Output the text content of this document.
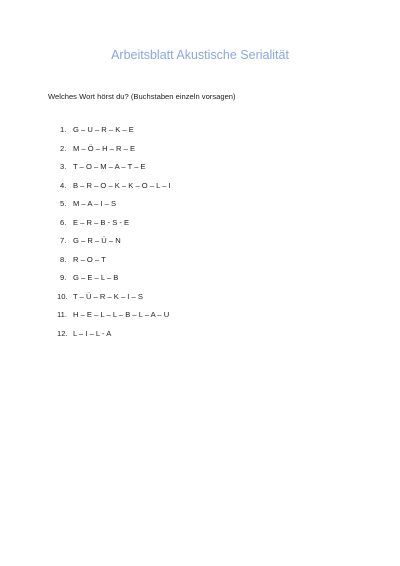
Arbeitsblatt Akustische Serialität
Welches Wort hörst du? (Buchstaben einzeln vorsagen)
1. G – U – R – K – E
2. M – Ö – H – R – E
3. T – O – M – A – T – E
4. B – R – O – K – K – O – L – I
5. M – A – I – S
6. E – R – B - S - E
7. G – R – Ü – N
8. R – O – T
9. G – E – L – B
10. T – Ü – R – K – I – S
11. H – E – L – L – B – L – A – U
12. L – I – L - A
